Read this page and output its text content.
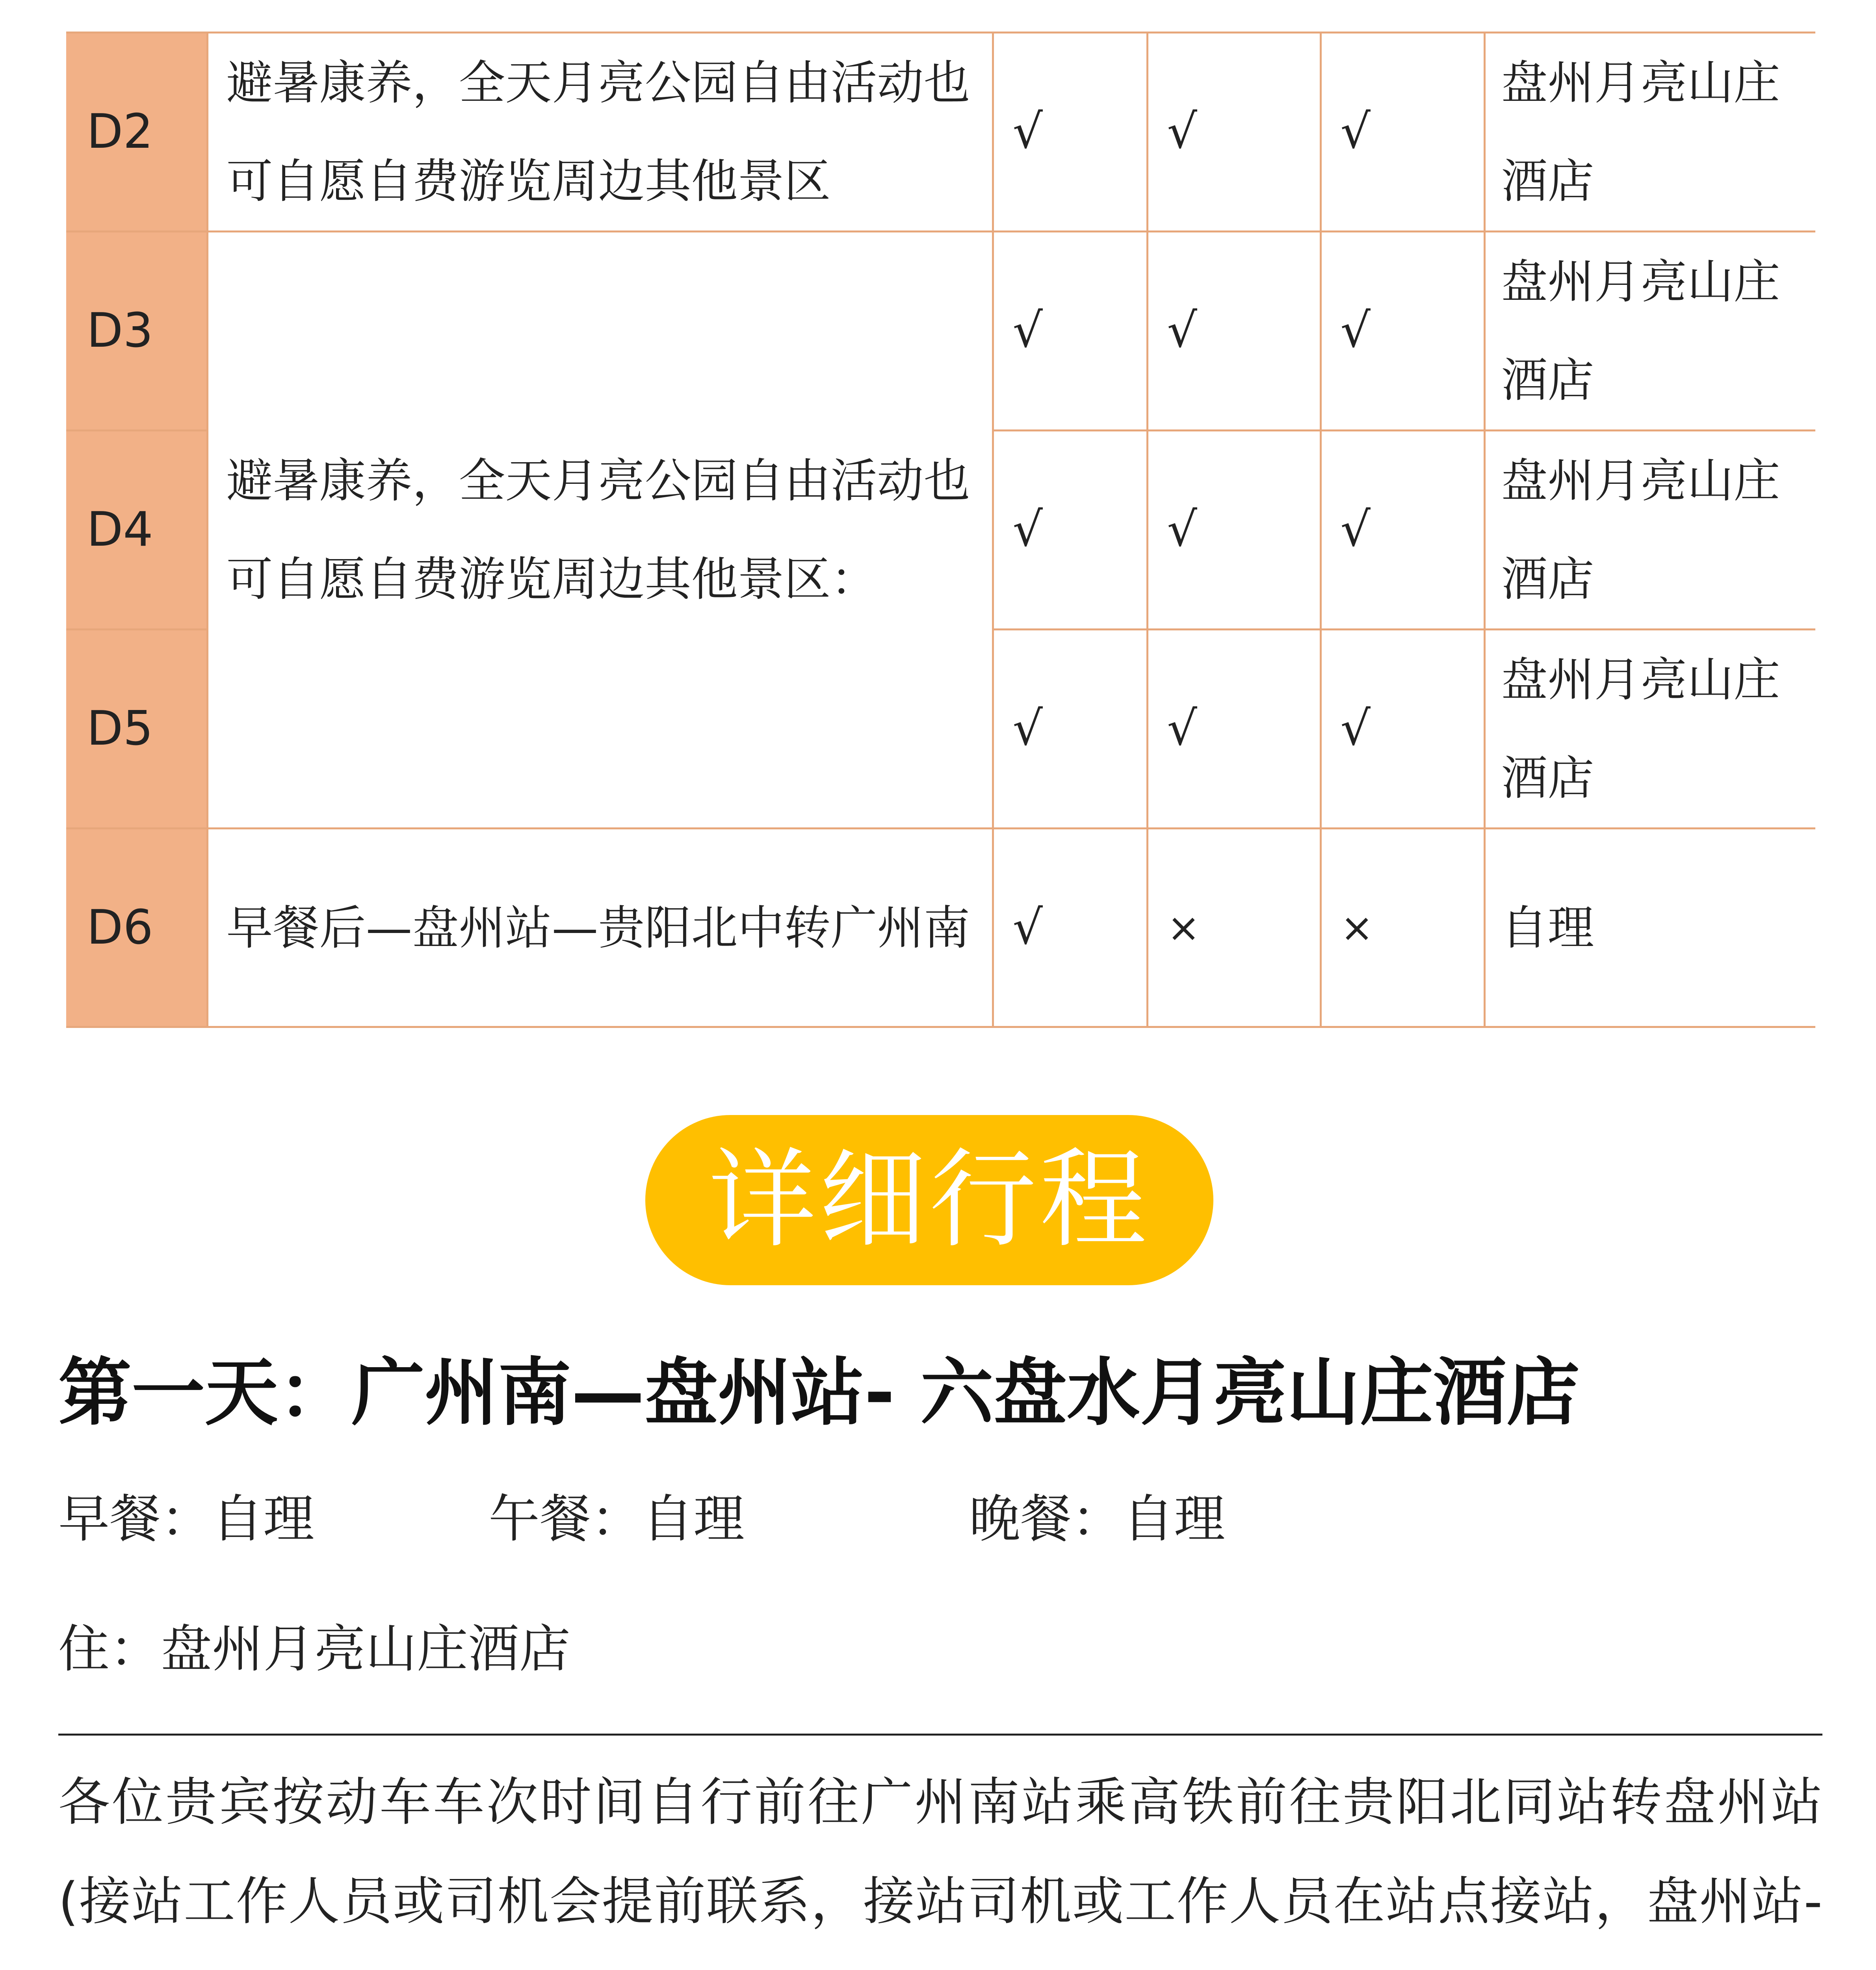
D2	避暑康养，全天月亮公园自由活动也可自愿自费游览周边其他景区	√	√	√	盘州月亮山庄酒店
D3	避暑康养，全天月亮公园自由活动也可自愿自费游览周边其他景区：	√	√	√	盘州月亮山庄酒店
D4		√	√	√	盘州月亮山庄酒店
D5		√	√	√	盘州月亮山庄酒店
D6	早餐后—盘州站—贵阳北中转广州南	√	×	×	自理
详细行程
第一天：广州南—盘州站- 六盘水月亮山庄酒店
早餐：自理	午餐：自理	晚餐：自理
住：盘州月亮山庄酒店

各位贵宾按动车车次时间自行前往广州南站乘高铁前往贵阳北同站转盘州站 (接站工作人员或司机会提前联系，接站司机或工作人员在站点接站，盘州站-
